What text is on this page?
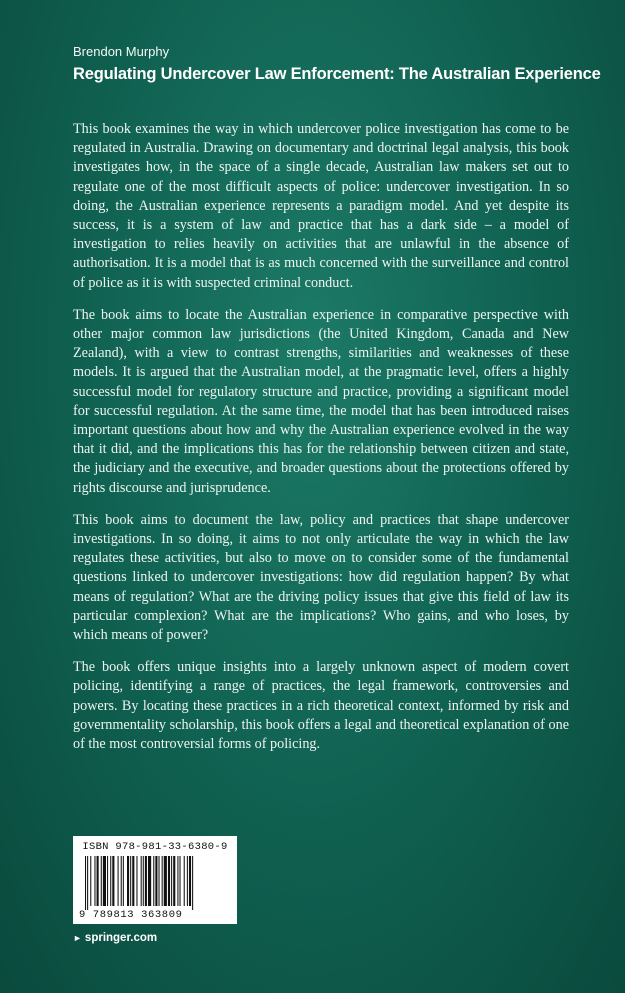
Brendon Murphy
Regulating Undercover Law Enforcement: The Australian Experience

This book examines the way in which undercover police investigation has come to be regulated in Australia. Drawing on documentary and doctrinal legal analysis, this book investigates how, in the space of a single decade, Australian law makers set out to regulate one of the most difficult aspects of police: undercover investigation. In so doing, the Australian experience represents a paradigm model. And yet despite its success, it is a system of law and practice that has a dark side – a model of investigation to relies heavily on activities that are unlawful in the absence of authorisation. It is a model that is as much concerned with the surveillance and control of police as it is with suspected criminal conduct.

The book aims to locate the Australian experience in comparative perspective with other major common law jurisdictions (the United Kingdom, Canada and New Zealand), with a view to contrast strengths, similarities and weaknesses of these models. It is argued that the Australian model, at the pragmatic level, offers a highly successful model for regulatory structure and practice, providing a significant model for successful regulation. At the same time, the model that has been introduced raises important questions about how and why the Australian experience evolved in the way that it did, and the implications this has for the relationship between citizen and state, the judiciary and the executive, and broader questions about the protections offered by rights discourse and jurisprudence.

This book aims to document the law, policy and practices that shape undercover investigations. In so doing, it aims to not only articulate the way in which the law regulates these activities, but also to move on to consider some of the fundamental questions linked to undercover investigations: how did regulation happen? By what means of regulation? What are the driving policy issues that give this field of law its particular complexion? What are the implications? Who gains, and who loses, by which means of power?

The book offers unique insights into a largely unknown aspect of modern covert policing, identifying a range of practices, the legal framework, controversies and powers. By locating these practices in a rich theoretical context, informed by risk and governmentality scholarship, this book offers a legal and theoretical explanation of one of the most controversial forms of policing.

ISBN 978-981-33-6380-9
9 789813 363809
► springer.com
